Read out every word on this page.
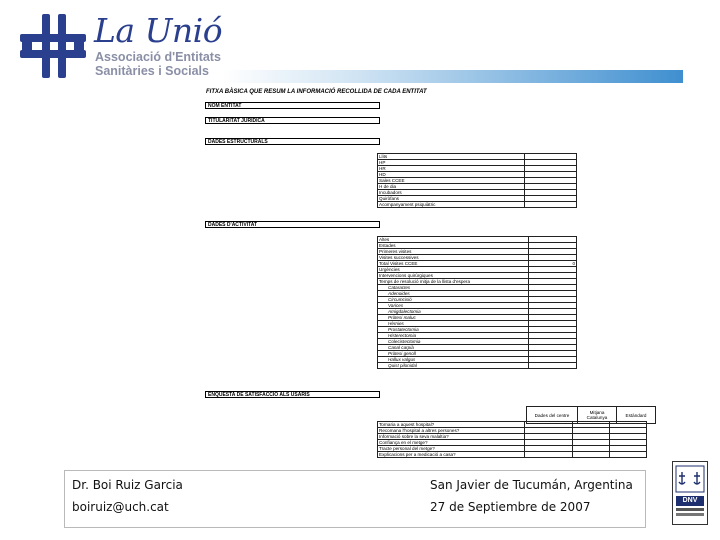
La Unió
Associació d'Entitats
Sanitàries i Socials
FITXA BÀSICA QUE RESUM LA INFORMACIÓ RECOLLIDA DE CADA ENTITAT
NOM ENTITAT
TITULARITAT JURÍDICA
DADES ESTRUCTURALS
Llits	
HP	
HR	
HD	
Sales CCEE	
H de dia	
Incubadors	
Quiròfans	
Acompanyament psiquiàtric	
DADES D'ACTIVITAT
Altes	
Estades	
Primeres visites	
Visites successives	
Total Visites CCEE	0
Urgències	
Intervencions quirúrgiques	
Temps de resolució mitja de la llista d'espera	
Cataractes	
Adenoides	
Circumcisió	
Varices	
Amigdalectomia	
Pròtesi maluc	
Hèrnies	
Prostatectomia	
Histerectomia	
Colecistectomia	
Canal carpià	
Pròtesi genoll	
Hallux valgus	
Quist pilonidal	
ENQUESTA DE SATISFACCIÓ ALS USARIS
Dades del centre	Mitjana Catalunya	Estàndard
Tornaria a aquest hospital?			
Recomana l'hospital a altres persones?			
Informació sobre la seva malaltia?			
Confiança en el metge?			
Tracte personal del metge?			
Explicacions per a medicació a casa?			
Dr. Boi Ruiz Garcia
boiruiz@uch.cat
San Javier de Tucumán, Argentina
27 de Septiembre de 2007	DNV
